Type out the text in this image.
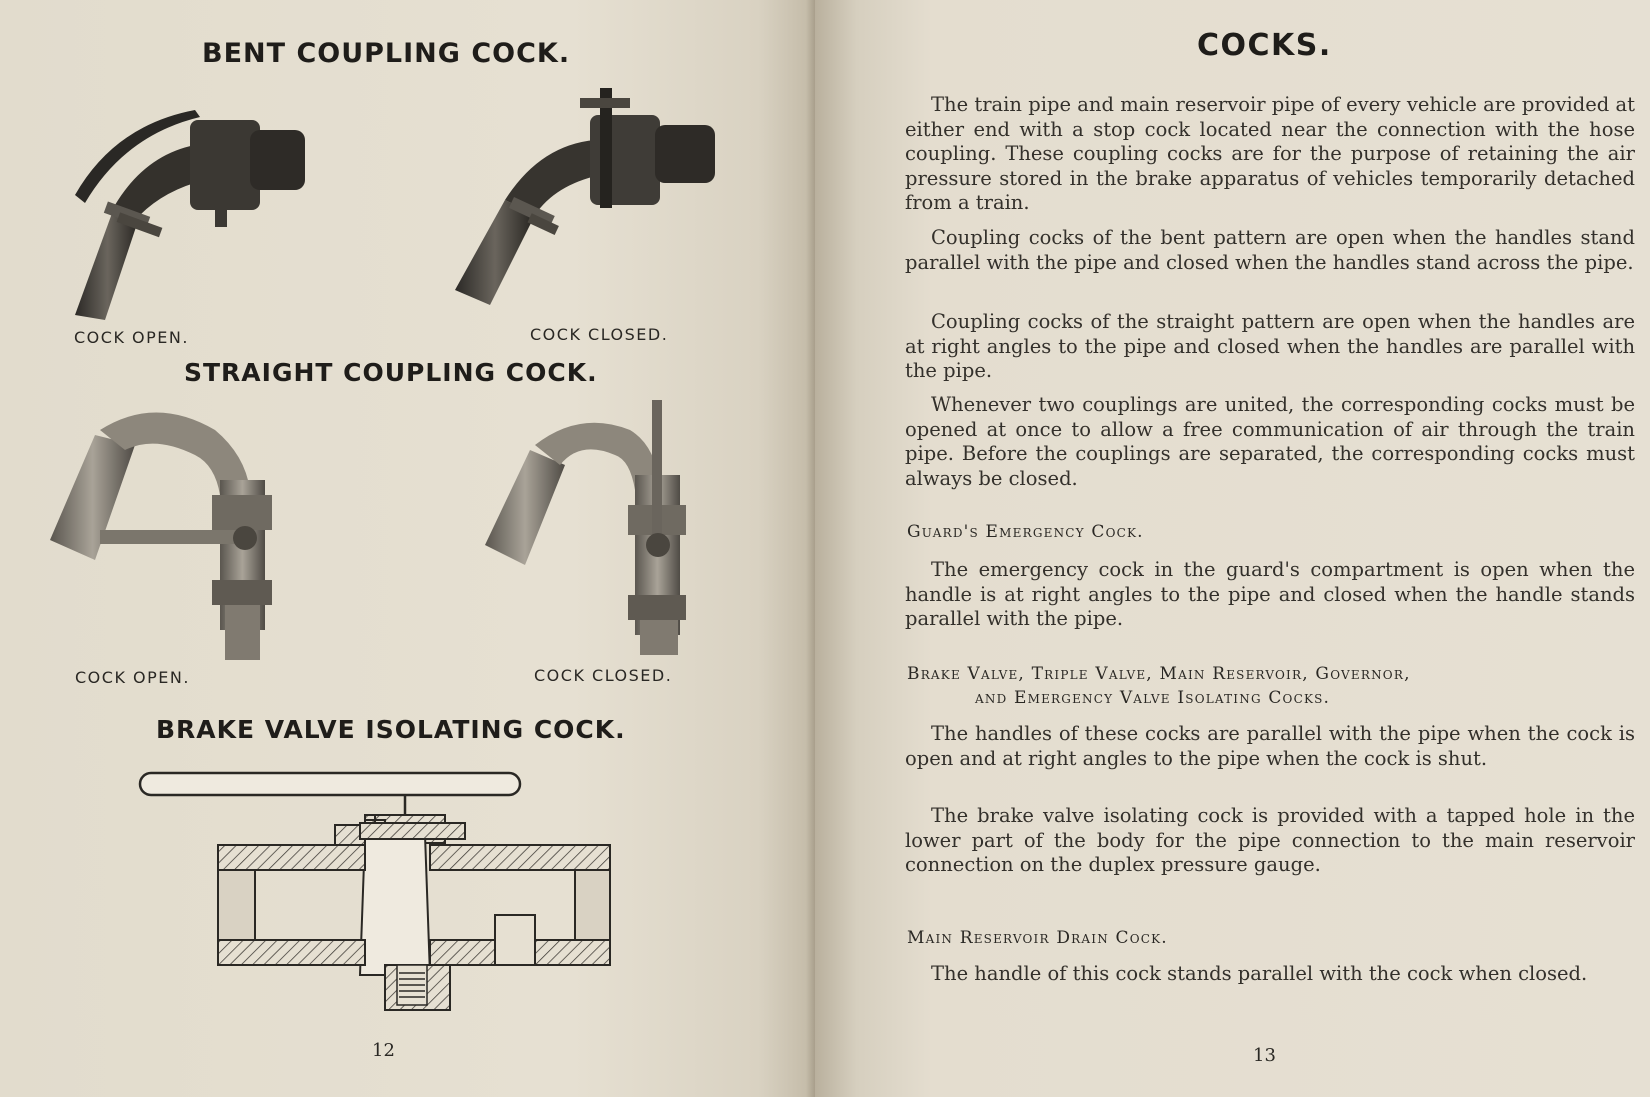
BENT COUPLING COCK.
COCK OPEN.	COCK CLOSED.
STRAIGHT COUPLING COCK.
COCK OPEN.	COCK CLOSED.
BRAKE VALVE ISOLATING COCK.
12
COCKS.

The train pipe and main reservoir pipe of every vehicle are provided at either end with a stop cock located near the connection with the hose coupling. These coupling cocks are for the purpose of retaining the air pressure stored in the brake apparatus of vehicles temporarily detached from a train.

Coupling cocks of the bent pattern are open when the handles stand parallel with the pipe and closed when the handles stand across the pipe.

Coupling cocks of the straight pattern are open when the handles are at right angles to the pipe and closed when the handles are parallel with the pipe.

Whenever two couplings are united, the corresponding cocks must be opened at once to allow a free communication of air through the train pipe. Before the couplings are separated, the corresponding cocks must always be closed.

Guard's Emergency Cock.

The emergency cock in the guard's compartment is open when the handle is at right angles to the pipe and closed when the handle stands parallel with the pipe.

Brake Valve, Triple Valve, Main Reservoir, Governor,
and Emergency Valve Isolating Cocks.

The handles of these cocks are parallel with the pipe when the cock is open and at right angles to the pipe when the cock is shut.

The brake valve isolating cock is provided with a tapped hole in the lower part of the body for the pipe connection to the main reservoir connection on the duplex pressure gauge.

Main Reservoir Drain Cock.

The handle of this cock stands parallel with the cock when closed.

13
